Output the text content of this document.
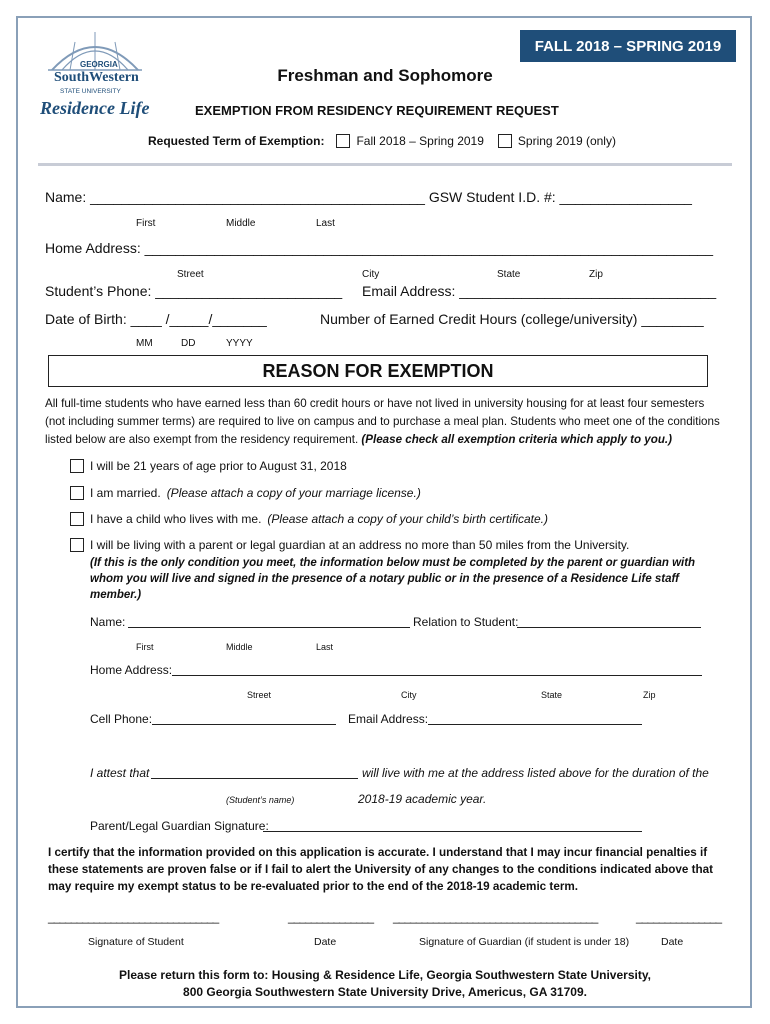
GEORGIA
SouthWestern
STATE UNIVERSITY
Residence Life
FALL 2018 – SPRING 2019
Freshman and Sophomore
EXEMPTION FROM RESIDENCY REQUIREMENT REQUEST
Requested Term of Exemption:	Fall 2018 – Spring 2019	Spring 2019 (only)
Name: ___________________________________________ GSW Student I.D. #: _________________
First	Middle	Last
Home Address: _________________________________________________________________________
Street	City	State	Zip
Student’s Phone: ________________________ Email Address: _________________________________
Date of Birth: ____ /_____/_______	Number of Earned Credit Hours (college/university) ________
MM	DD	YYYY
REASON FOR EXEMPTION
All full-time students who have earned less than 60 credit hours or have not lived in university housing for at least four semesters (not including summer terms) are required to live on campus and to purchase a meal plan. Students who meet one of the conditions listed below are also exempt from the residency requirement. (Please check all exemption criteria which apply to you.)
I will be 21 years of age prior to August 31, 2018
I am married. (Please attach a copy of your marriage license.)
I have a child who lives with me. (Please attach a copy of your child’s birth certificate.)
I will be living with a parent or legal guardian at an address no more than 50 miles from the University.
(If this is the only condition you meet, the information below must be completed by the parent or guardian with whom you will live and signed in the presence of a notary public or in the presence of a Residence Life staff member.)
Name:	Relation to Student:
First	Middle	Last
Home Address:
Street	City	State	Zip
Cell Phone:	Email Address:
I attest that	will live with me at the address listed above for the duration of the
(Student’s name)	2018-19 academic year.
Parent/Legal Guardian Signature:
I certify that the information provided on this application is accurate. I understand that I may incur financial penalties if these statements are proven false or if I fail to alert the University of any changes to the conditions indicated above that may require my exempt status to be re-evaluated prior to the end of the 2018-19 academic term.
______________________________	_______________ ____________________________________	_______________
Signature of Student	Date	Signature of Guardian (if student is under 18)	Date
Please return this form to: Housing & Residence Life, Georgia Southwestern State University,
800 Georgia Southwestern State University Drive, Americus, GA 31709.
